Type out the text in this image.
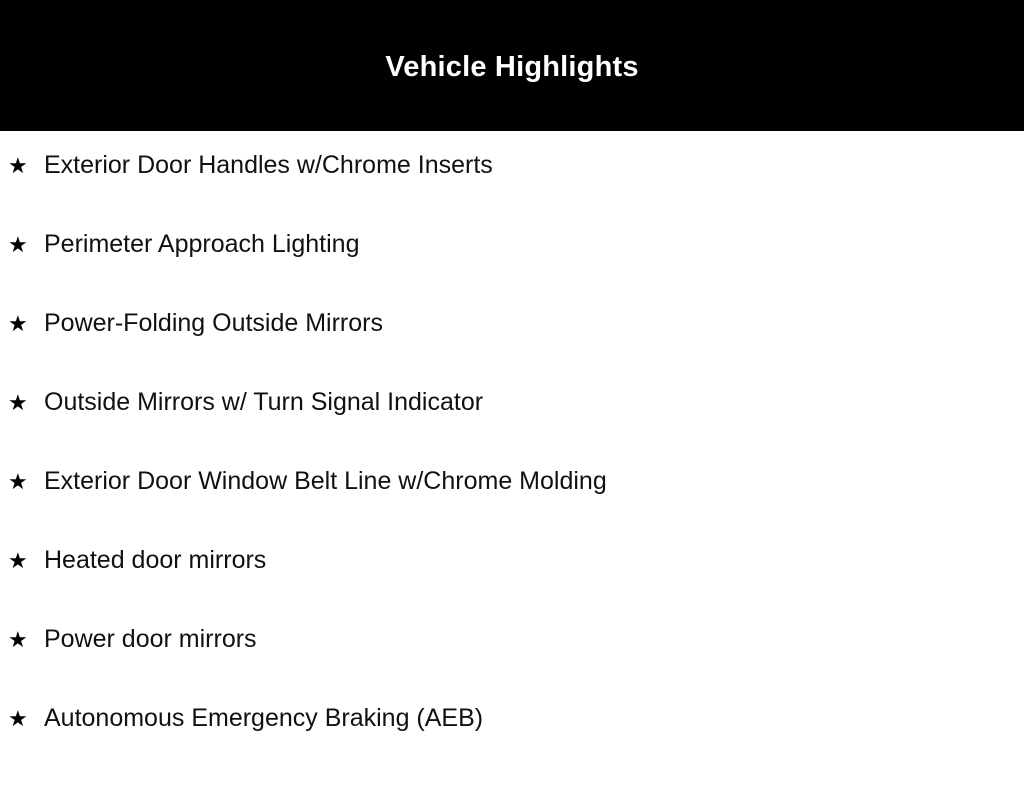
Vehicle Highlights
★ Exterior Door Handles w/Chrome Inserts
★ Perimeter Approach Lighting
★ Power-Folding Outside Mirrors
★ Outside Mirrors w/ Turn Signal Indicator
★ Exterior Door Window Belt Line w/Chrome Molding
★ Heated door mirrors
★ Power door mirrors
★ Autonomous Emergency Braking (AEB)
